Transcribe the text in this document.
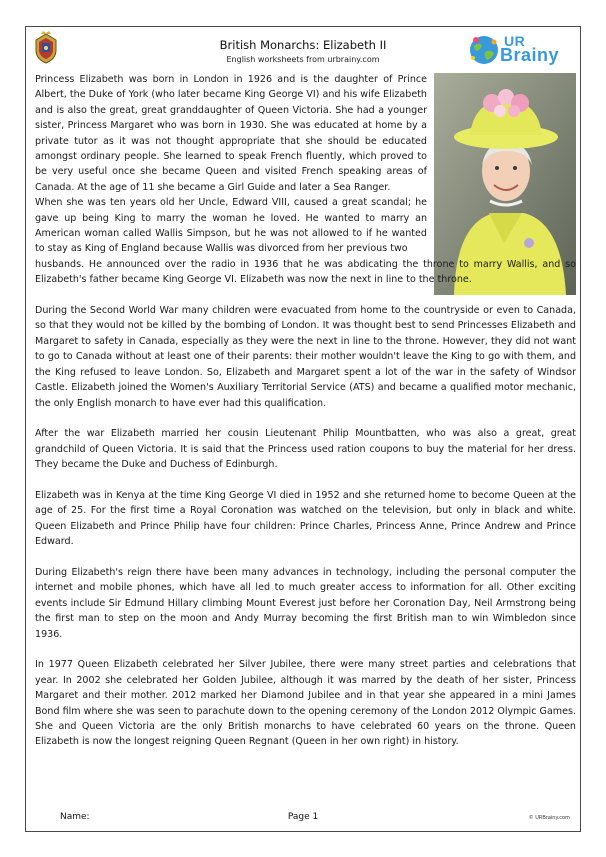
British Monarchs: Elizabeth II
English worksheets from urbrainy.com
UR
Brainy
Princess Elizabeth was born in London in 1926 and is the daughter of Prince Albert, the Duke of York (who later became King George VI) and his wife Elizabeth and is also the great, great granddaughter of Queen Victoria. She had a younger sister, Princess Margaret who was born in 1930. She was educated at home by a private tutor as it was not thought appropriate that she should be educated amongst ordinary people. She learned to speak French fluently, which proved to be very useful once she became Queen and visited French speaking areas of Canada. At the age of 11 she became a Girl Guide and later a Sea Ranger.
When she was ten years old her Uncle, Edward VIII, caused a great scandal; he gave up being King to marry the woman he loved. He wanted to marry an American woman called Wallis Simpson, but he was not allowed to if he wanted to stay as King of England because Wallis was divorced from her previous two
husbands. He announced over the radio in 1936 that he was abdicating the throne to marry Wallis, and so Elizabeth's father became King George VI. Elizabeth was now the next in line to the throne.
During the Second World War many children were evacuated from home to the countryside or even to Canada, so that they would not be killed by the bombing of London. It was thought best to send Princesses Elizabeth and Margaret to safety in Canada, especially as they were the next in line to the throne. However, they did not want to go to Canada without at least one of their parents: their mother wouldn't leave the King to go with them, and the King refused to leave London. So, Elizabeth and Margaret spent a lot of the war in the safety of Windsor Castle. Elizabeth joined the Women's Auxiliary Territorial Service (ATS) and became a qualified motor mechanic, the only English monarch to have ever had this qualification.
After the war Elizabeth married her cousin Lieutenant Philip Mountbatten, who was also a great, great grandchild of Queen Victoria. It is said that the Princess used ration coupons to buy the material for her dress. They became the Duke and Duchess of Edinburgh.
Elizabeth was in Kenya at the time King George VI died in 1952 and she returned home to become Queen at the age of 25. For the first time a Royal Coronation was watched on the television, but only in black and white. Queen Elizabeth and Prince Philip have four children: Prince Charles, Princess Anne, Prince Andrew and Prince Edward.
During Elizabeth's reign there have been many advances in technology, including the personal computer the internet and mobile phones, which have all led to much greater access to information for all. Other exciting events include Sir Edmund Hillary climbing Mount Everest just before her Coronation Day, Neil Armstrong being the first man to step on the moon and Andy Murray becoming the first British man to win Wimbledon since 1936.
In 1977 Queen Elizabeth celebrated her Silver Jubilee, there were many street parties and celebrations that year. In 2002 she celebrated her Golden Jubilee, although it was marred by the death of her sister, Princess Margaret and their mother. 2012 marked her Diamond Jubilee and in that year she appeared in a mini James Bond film where she was seen to parachute down to the opening ceremony of the London 2012 Olympic Games. She and Queen Victoria are the only British monarchs to have celebrated 60 years on the throne. Queen Elizabeth is now the longest reigning Queen Regnant (Queen in her own right) in history.
Name:	Page 1	© URBrainy.com
